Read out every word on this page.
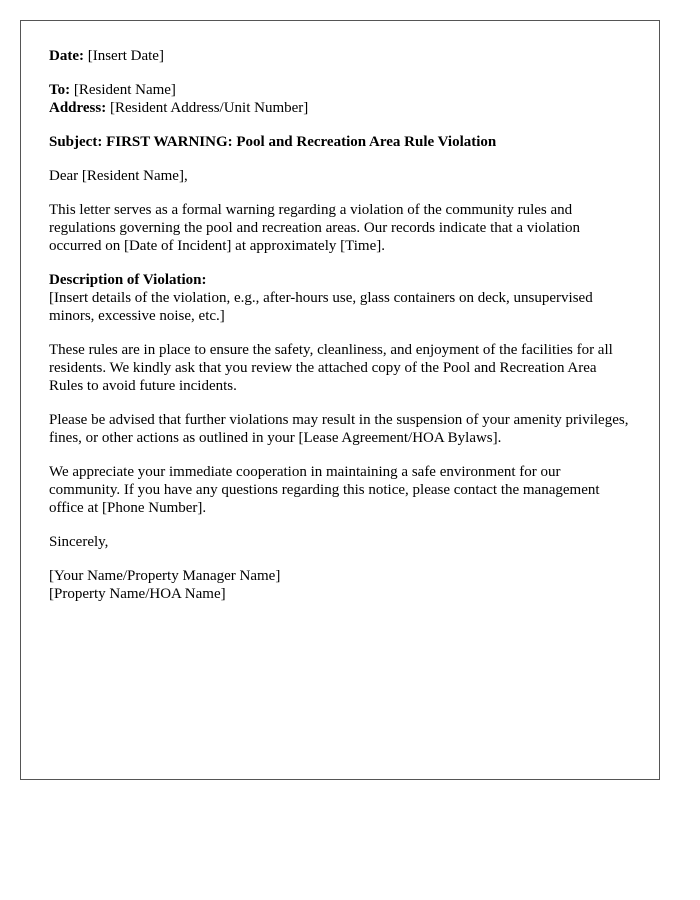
Date: [Insert Date]

To: [Resident Name]
Address: [Resident Address/Unit Number]

Subject: FIRST WARNING: Pool and Recreation Area Rule Violation

Dear [Resident Name],

This letter serves as a formal warning regarding a violation of the community rules and regulations governing the pool and recreation areas. Our records indicate that a violation occurred on [Date of Incident] at approximately [Time].

Description of Violation:
[Insert details of the violation, e.g., after-hours use, glass containers on deck, unsupervised minors, excessive noise, etc.]

These rules are in place to ensure the safety, cleanliness, and enjoyment of the facilities for all residents. We kindly ask that you review the attached copy of the Pool and Recreation Area Rules to avoid future incidents.

Please be advised that further violations may result in the suspension of your amenity privileges, fines, or other actions as outlined in your [Lease Agreement/HOA Bylaws].

We appreciate your immediate cooperation in maintaining a safe environment for our community. If you have any questions regarding this notice, please contact the management office at [Phone Number].

Sincerely,

[Your Name/Property Manager Name]
[Property Name/HOA Name]
